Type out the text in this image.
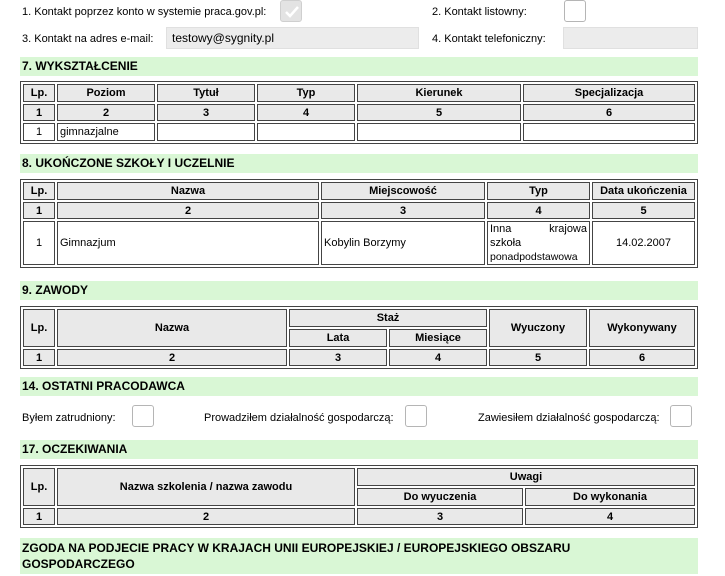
1. Kontakt poprzez konto w systemie praca.gov.pl:	2. Kontakt listowny:
3. Kontakt na adres e-mail:	testowy@sygnity.pl	4. Kontakt telefoniczny:
7. WYKSZTAŁCENIE
Lp.	Poziom	Tytuł	Typ	Kierunek	Specjalizacja
1	2	3	4	5	6
1	gimnazjalne				
8. UKOŃCZONE SZKOŁY I UCZELNIE
Lp.	Nazwa	Miejscowość	Typ	Data ukończenia
1	2	3	4	5
1	Gimnazjum	Kobylin Borzymy	Inna krajowa
szkoła
ponadpodstawowa	14.02.2007
9. ZAWODY
Lp.	Nazwa	Staż		Wyuczony	Wykonywany
		Lata	Miesiące		
1	2	3	4	5	6
14. OSTATNI PRACODAWCA
Byłem zatrudniony:	Prowadziłem działalność gospodarczą:	Zawiesiłem działalność gospodarczą:
17. OCZEKIWANIA
Lp.	Nazwa szkolenia / nazwa zawodu	Uwagi	
		Do wyuczenia	Do wykonania
1	2	3	4
ZGODA NA PODJECIE PRACY W KRAJACH UNII EUROPEJSKIEJ / EUROPEJSKIEGO OBSZARU
GOSPODARCZEGO
